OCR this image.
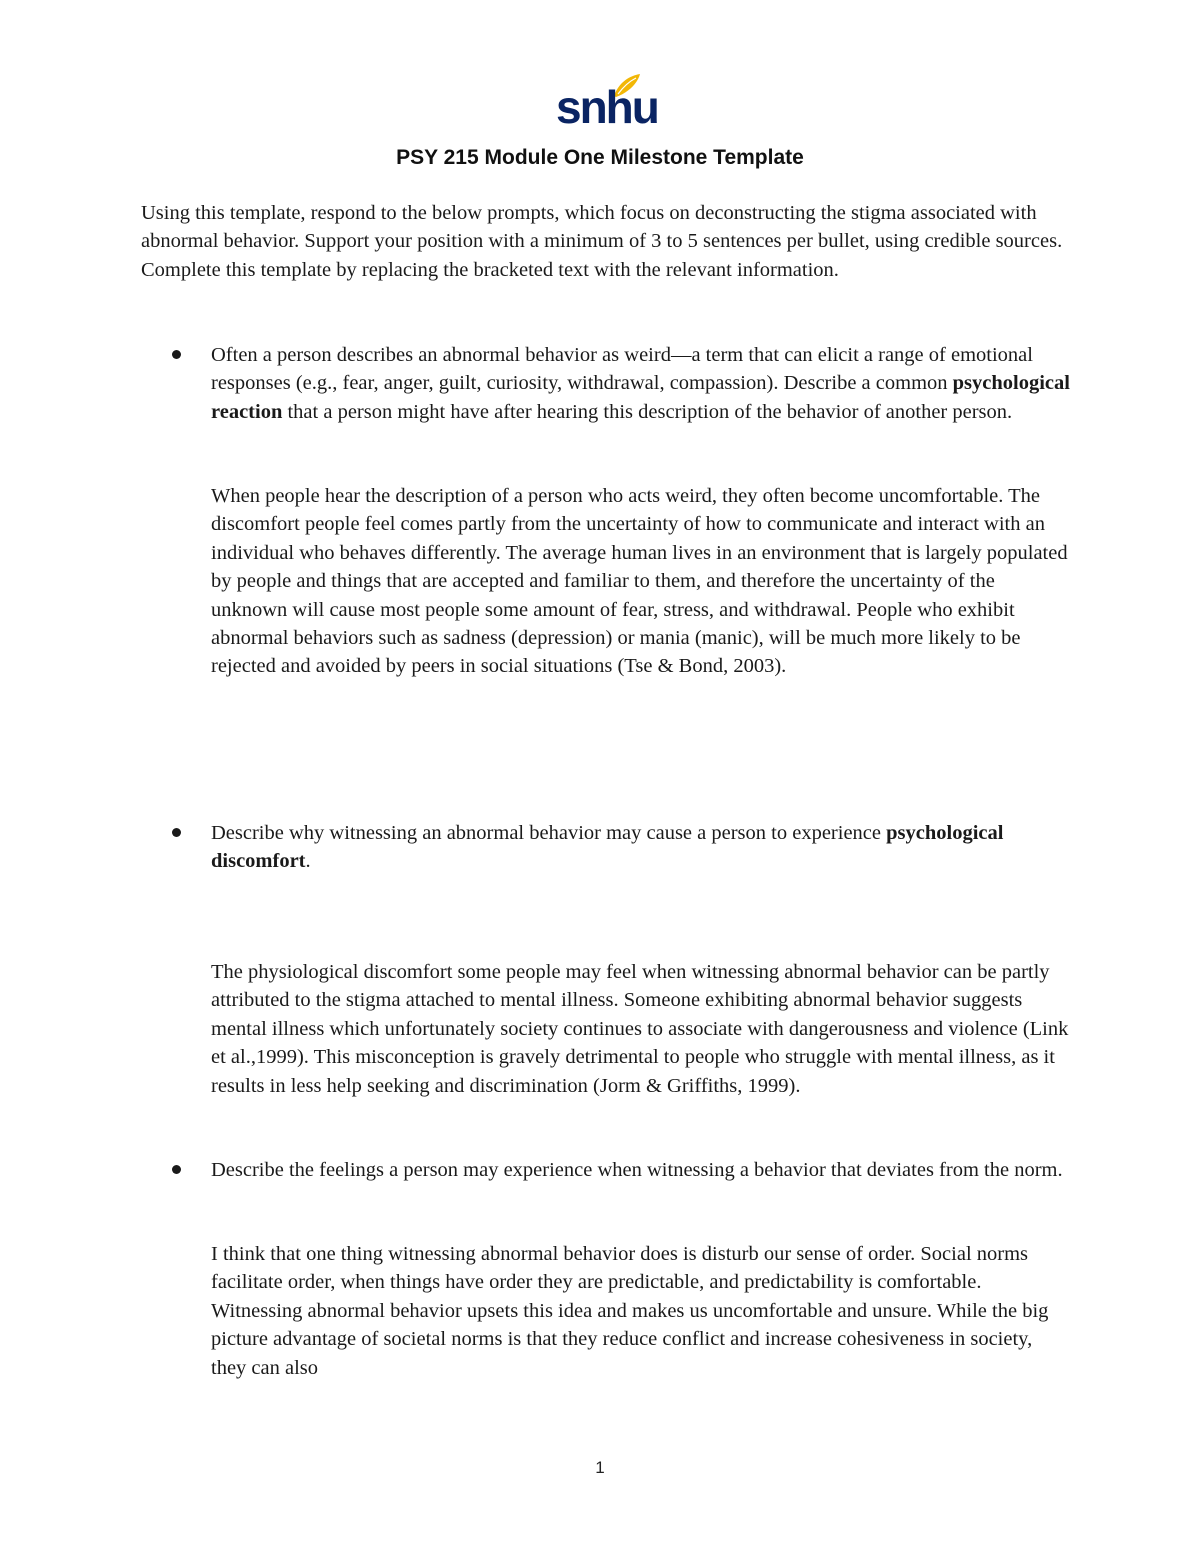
snhu
PSY 215 Module One Milestone Template
Using this template, respond to the below prompts, which focus on deconstructing the stigma associated with abnormal behavior. Support your position with a minimum of 3 to 5 sentences per bullet, using credible sources. Complete this template by replacing the bracketed text with the relevant information.
Often a person describes an abnormal behavior as weird—a term that can elicit a range of emotional responses (e.g., fear, anger, guilt, curiosity, withdrawal, compassion). Describe a common psychological reaction that a person might have after hearing this description of the behavior of another person.
When people hear the description of a person who acts weird, they often become uncomfortable. The discomfort people feel comes partly from the uncertainty of how to communicate and interact with an individual who behaves differently. The average human lives in an environment that is largely populated by people and things that are accepted and familiar to them, and therefore the uncertainty of the unknown will cause most people some amount of fear, stress, and withdrawal. People who exhibit abnormal behaviors such as sadness (depression) or mania (manic), will be much more likely to be rejected and avoided by peers in social situations (Tse & Bond, 2003).
Describe why witnessing an abnormal behavior may cause a person to experience psychological discomfort.
The physiological discomfort some people may feel when witnessing abnormal behavior can be partly attributed to the stigma attached to mental illness. Someone exhibiting abnormal behavior suggests mental illness which unfortunately society continues to associate with dangerousness and violence (Link et al.,1999). This misconception is gravely detrimental to people who struggle with mental illness, as it results in less help seeking and discrimination (Jorm & Griffiths, 1999).
Describe the feelings a person may experience when witnessing a behavior that deviates from the norm.
I think that one thing witnessing abnormal behavior does is disturb our sense of order. Social norms facilitate order, when things have order they are predictable, and predictability is comfortable. Witnessing abnormal behavior upsets this idea and makes us uncomfortable and unsure. While the big picture advantage of societal norms is that they reduce conflict and increase cohesiveness in society, they can also
1
